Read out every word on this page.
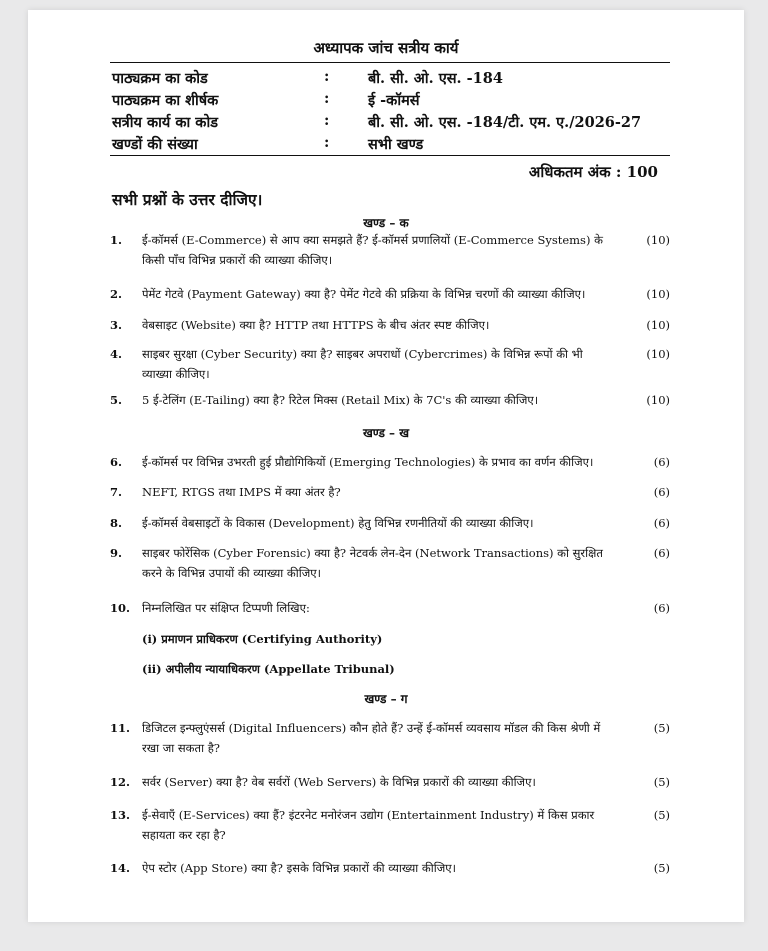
अध्यापक जांच सत्रीय कार्य
पाठ्यक्रम का कोड	:	बी. सी. ओ. एस. -184
पाठ्यक्रम का शीर्षक	:	ई -कॉमर्स
सत्रीय कार्य का कोड	:	बी. सी. ओ. एस. -184/टी. एम. ए./2026-27
खण्डों की संख्या	:	सभी खण्ड
अधिकतम अंक : 100
सभी प्रश्नों के उत्तर दीजिए।
खण्ड – क
1. ई-कॉमर्स (E-Commerce) से आप क्या समझते हैं? ई-कॉमर्स प्रणालियों (E-Commerce Systems) के किसी पाँच विभिन्न प्रकारों की व्याख्या कीजिए।
(10)
2. पेमेंट गेटवे (Payment Gateway) क्या है? पेमेंट गेटवे की प्रक्रिया के विभिन्न चरणों की व्याख्या कीजिए।	(10)
3. वेबसाइट (Website) क्या है? HTTP तथा HTTPS के बीच अंतर स्पष्ट कीजिए।	(10)
4. साइबर सुरक्षा (Cyber Security) क्या है? साइबर अपराधों (Cybercrimes) के विभिन्न रूपों की भी व्याख्या कीजिए।
(10)
5. 5 ई-टेलिंग (E-Tailing) क्या है? रिटेल मिक्स (Retail Mix) के 7C's की व्याख्या कीजिए।	(10)
खण्ड – ख
6. ई-कॉमर्स पर विभिन्न उभरती हुई प्रौद्योगिकियों (Emerging Technologies) के प्रभाव का वर्णन कीजिए।	(6)
7. NEFT, RTGS तथा IMPS में क्या अंतर है?	(6)
8. ई-कॉमर्स वेबसाइटों के विकास (Development) हेतु विभिन्न रणनीतियों की व्याख्या कीजिए।	(6)
9. साइबर फोरेंसिक (Cyber Forensic) क्या है? नेटवर्क लेन-देन (Network Transactions) को सुरक्षित करने के विभिन्न उपायों की व्याख्या कीजिए।
(6)
10. निम्नलिखित पर संक्षिप्त टिप्पणी लिखिए:	(6)
(i) प्रमाणन प्राधिकरण (Certifying Authority)
(ii) अपीलीय न्यायाधिकरण (Appellate Tribunal)
खण्ड – ग
11. डिजिटल इन्फ्लुएंसर्स (Digital Influencers) कौन होते हैं? उन्हें ई-कॉमर्स व्यवसाय मॉडल की किस श्रेणी में रखा जा सकता है?
(5)
12. सर्वर (Server) क्या है? वेब सर्वरों (Web Servers) के विभिन्न प्रकारों की व्याख्या कीजिए।	(5)
13. ई-सेवाएँ (E-Services) क्या हैं? इंटरनेट मनोरंजन उद्योग (Entertainment Industry) में किस प्रकार सहायता कर रहा है?
(5)
14. ऐप स्टोर (App Store) क्या है? इसके विभिन्न प्रकारों की व्याख्या कीजिए।	(5)
